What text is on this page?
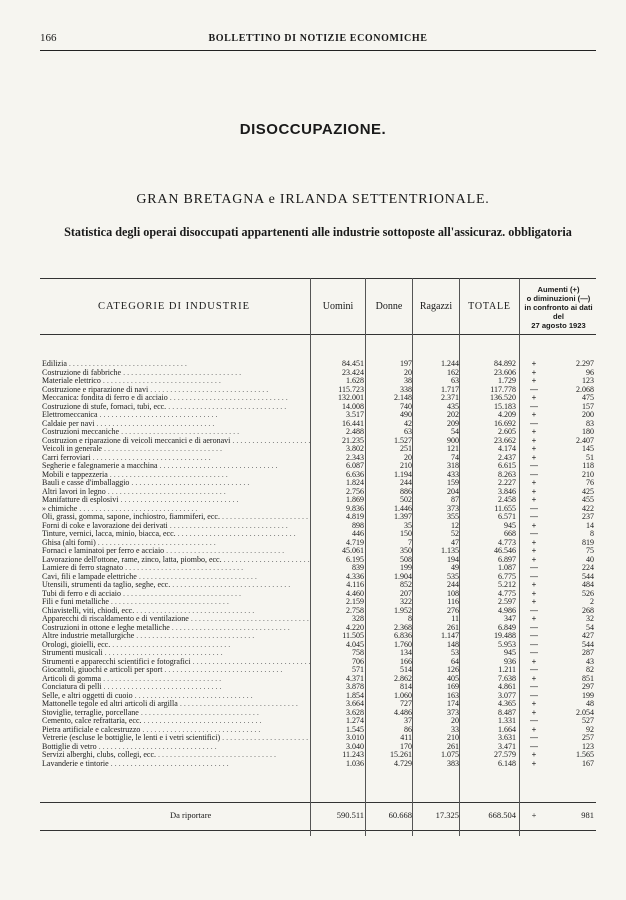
166	BOLLETTINO DI NOTIZIE ECONOMICHE
DISOCCUPAZIONE.
GRAN BRETAGNA e IRLANDA SETTENTRIONALE.
Statistica degli operai disoccupati appartenenti alle industrie sottoposte all'assicuraz. obbligatoria
CATEGORIE DI INDUSTRIE	Uomini	Donne	Ragazzi	TOTALE
Aumenti (+)
o diminuzioni (—)
in confronto ai dati
del
27 agosto 1923
Edilizia . .	84.451	197	1.244	84.892	+	2.297
Costruzione di fabbriche . .	23.424	20	162	23.606	+	96
Materiale elettrico . .	1.628	38	63	1.729	+	123
Costruzione e riparazione di navi . .	115.723	338	1.717	117.778	—	2.068
Meccanica: fondita di ferro e di acciaio . .	132.001	2.148	2.371	136.520	+	475
Costruzione di stufe, fornaci, tubi, ecc. . .	14.008	740	435	15.183	—	157
Elettromeccanica . .	3.517	490	202	4.209	+	200
Caldaie per navi . .	16.441	42	209	16.692	—	83
Costruzioni meccaniche . .	2.488	63	54	2.605	+	180
Costruzion e riparazione di veicoli meccanici e di aeronavi . .	21.235	1.527	900	23.662	+	2.407
Veicoli in generale . .	3.802	251	121	4.174	+	145
Carri ferroviari . .	2.343	20	74	2.437	+	51
Segherie e falegnamerie a macchina . .	6.087	210	318	6.615	—	118
Mobili e tappezzeria . .	6.636	1.194	433	8.263	—	210
Bauli e casse d'imballaggio . .	1.824	244	159	2.227	+	76
Altri lavori in legno . .	2.756	886	204	3.846	+	425
Manifatture di esplosivi . .	1.869	502	87	2.458	+	455
» chimiche . .	9.836	1.446	373	11.655	—	422
Oli, grassi, gomma, sapone, inchiostro, fiammiferi, ecc. . .	4.819	1.397	355	6.571	—	237
Forni di coke e lavorazione dei derivati . .	898	35	12	945	+	14
Tinture, vernici, lacca, minio, biacca, ecc. . .	446	150	52	668	—	8
Ghisa (alti forni) . .	4.719	7	47	4.773	+	819
Fornaci e laminatoi per ferro e acciaio . .	45.061	350	1.135	46.546	+	75
Lavorazione dell'ottone, rame, zinco, latta, piombo, ecc. . .	6.195	508	194	6.897	+	40
Lamiere di ferro stagnato . .	839	199	49	1.087	—	224
Cavi, fili e lampade elettriche . .	4.336	1.904	535	6.775	—	544
Utensili, strumenti da taglio, seghe, ecc. . .	4.116	852	244	5.212	+	484
Tubi di ferro e di acciaio . .	4.460	207	108	4.775	+	526
Fili e funi metalliche . .	2.159	322	116	2.597	+	2
Chiavistelli, viti, chiodi, ecc. . .	2.758	1.952	276	4.986	—	268
Apparecchi di riscaldamento e di ventilazione . .	328	8	11	347	+	32
Costruzioni in ottone e leghe metalliche . .	4.220	2.368	261	6.849	—	54
Altre industrie metallurgiche . .	11.505	6.836	1.147	19.488	—	427
Orologi, gioielli, ecc. . .	4.045	1.760	148	5.953	—	544
Strumenti musicali . .	758	134	53	945	—	287
Strumenti e apparecchi scientifici e fotografici . .	706	166	64	936	+	43
Giocattoli, giuochi e articoli per sport . .	571	514	126	1.211	—	82
Articoli di gomma . .	4.371	2.862	405	7.638	+	851
Conciatura di pelli . .	3.878	814	169	4.861	—	297
Selle, e altri oggetti di cuoio . .	1.854	1.060	163	3.077	—	199
Mattonelle tegole ed altri articoli di argilla . .	3.664	727	174	4.365	+	48
Stoviglie, terraglie, porcellane . .	3.628	4.486	373	8.487	+	2.054
Cemento, calce refrattaria, ecc. . .	1.274	37	20	1.331	—	527
Pietra artificiale e calcestruzzo . .	1.545	86	33	1.664	+	92
Vetrerie (escluse le bottiglie, le lenti e i vetri scientifici) . .	3.010	411	210	3.631	—	257
Bottiglie di vetro . .	3.040	170	261	3.471	—	123
Servizi alberghi, clubs, collegi, ecc. . .	11.243	15.261	1.075	27.579	+	1.565
Lavanderie e tintorie . .	1.036	4.729	383	6.148	+	167
Da riportare	590.511	60.668	17.325	668.504	+	981
